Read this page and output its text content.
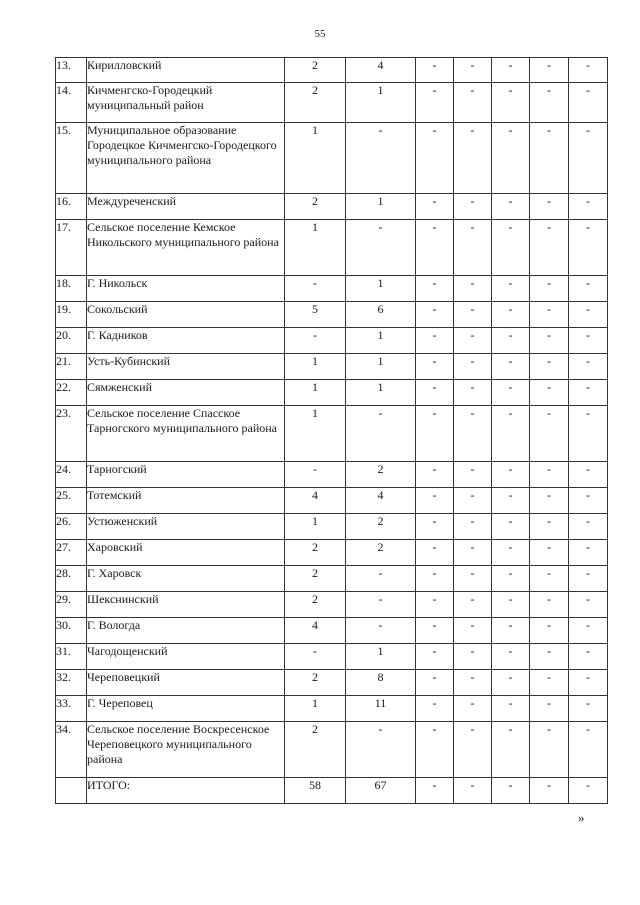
55
13.	Кирилловский	2	4	-	-	-	-	-
14.	Кичменгско-Городецкий муниципальный район	2	1	-	-	-	-	-
15.	Муниципальное образование Городецкое Кичменгско-Городецкого муниципального района	1	-	-	-	-	-	-
16.	Междуреченский	2	1	-	-	-	-	-
17.	Сельское поселение Кемское Никольского муниципального района	1	-	-	-	-	-	-
18.	Г. Никольск	-	1	-	-	-	-	-
19.	Сокольский	5	6	-	-	-	-	-
20.	Г. Кадников	-	1	-	-	-	-	-
21.	Усть-Кубинский	1	1	-	-	-	-	-
22.	Сямженский	1	1	-	-	-	-	-
23.	Сельское поселение Спасское Тарногского муниципального района	1	-	-	-	-	-	-
24.	Тарногский	-	2	-	-	-	-	-
25.	Тотемский	4	4	-	-	-	-	-
26.	Устюженский	1	2	-	-	-	-	-
27.	Харовский	2	2	-	-	-	-	-
28.	Г. Харовск	2	-	-	-	-	-	-
29.	Шекснинский	2	-	-	-	-	-	-
30.	Г. Вологда	4	-	-	-	-	-	-
31.	Чагодощенский	-	1	-	-	-	-	-
32.	Череповецкий	2	8	-	-	-	-	-
33.	Г. Череповец	1	11	-	-	-	-	-
34.	Сельское поселение Воскресенское Череповецкого муниципального района	2	-	-	-	-	-	-
	ИТОГО:	58	67	-	-	-	-	-
»
